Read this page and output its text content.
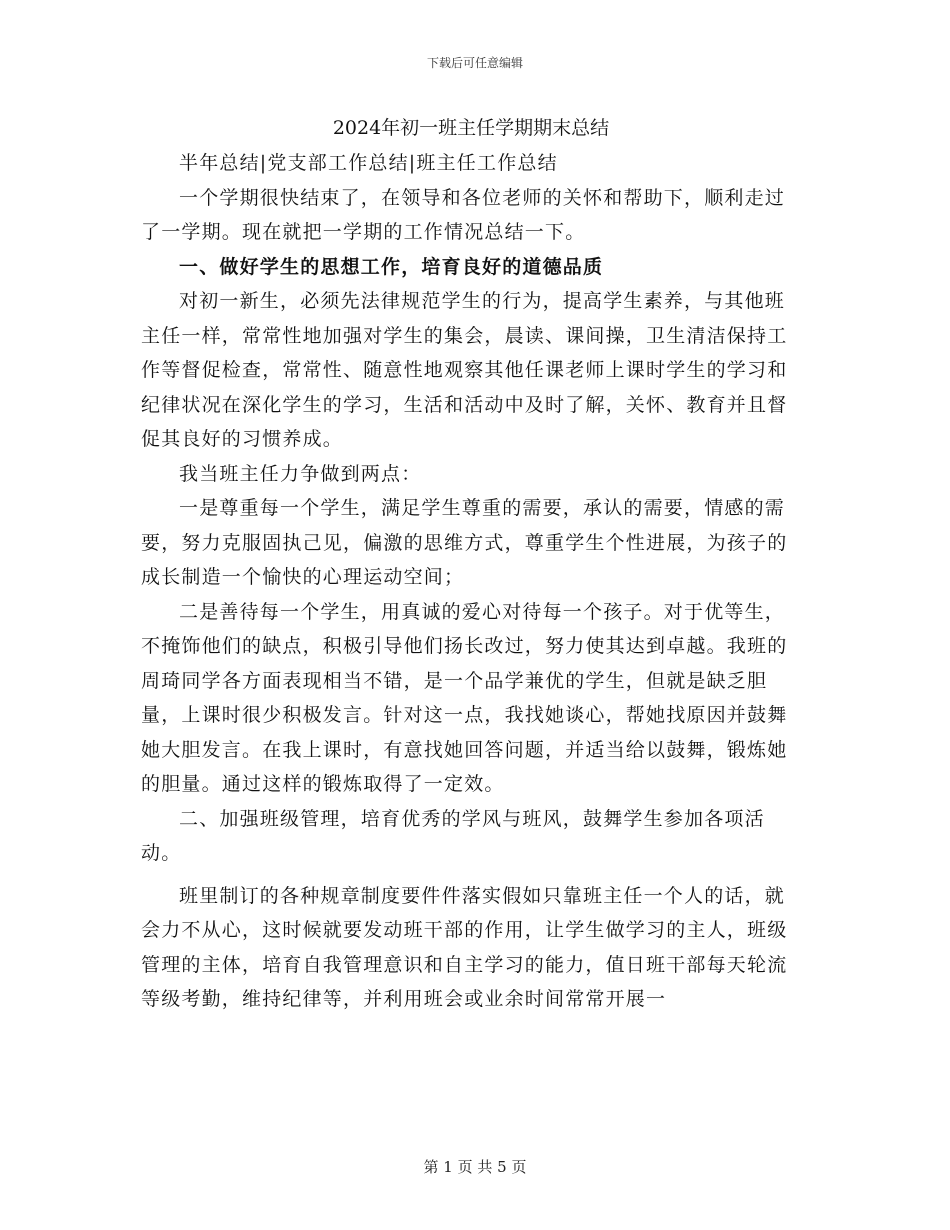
下载后可任意编辑
2024年初一班主任学期期末总结

半年总结|党支部工作总结|班主任工作总结

一个学期很快结束了，在领导和各位老师的关怀和帮助下，顺利走过了一学期。现在就把一学期的工作情况总结一下。

一、做好学生的思想工作，培育良好的道德品质

对初一新生，必须先法律规范学生的行为，提高学生素养，与其他班主任一样，常常性地加强对学生的集会，晨读、课间操，卫生清洁保持工作等督促检查，常常性、随意性地观察其他任课老师上课时学生的学习和纪律状况在深化学生的学习，生活和活动中及时了解，关怀、教育并且督促其良好的习惯养成。

我当班主任力争做到两点：

一是尊重每一个学生，满足学生尊重的需要，承认的需要，情感的需要，努力克服固执己见，偏激的思维方式，尊重学生个性进展，为孩子的成长制造一个愉快的心理运动空间；

二是善待每一个学生，用真诚的爱心对待每一个孩子。对于优等生，不掩饰他们的缺点，积极引导他们扬长改过，努力使其达到卓越。我班的周琦同学各方面表现相当不错，是一个品学兼优的学生，但就是缺乏胆量，上课时很少积极发言。针对这一点，我找她谈心，帮她找原因并鼓舞她大胆发言。在我上课时，有意找她回答问题，并适当给以鼓舞，锻炼她的胆量。通过这样的锻炼取得了一定效。

二、加强班级管理，培育优秀的学风与班风，鼓舞学生参加各项活动。

班里制订的各种规章制度要件件落实假如只靠班主任一个人的话，就会力不从心，这时候就要发动班干部的作用，让学生做学习的主人，班级管理的主体，培育自我管理意识和自主学习的能力，值日班干部每天轮流等级考勤，维持纪律等，并利用班会或业余时间常常开展一

第 1 页 共 5 页
